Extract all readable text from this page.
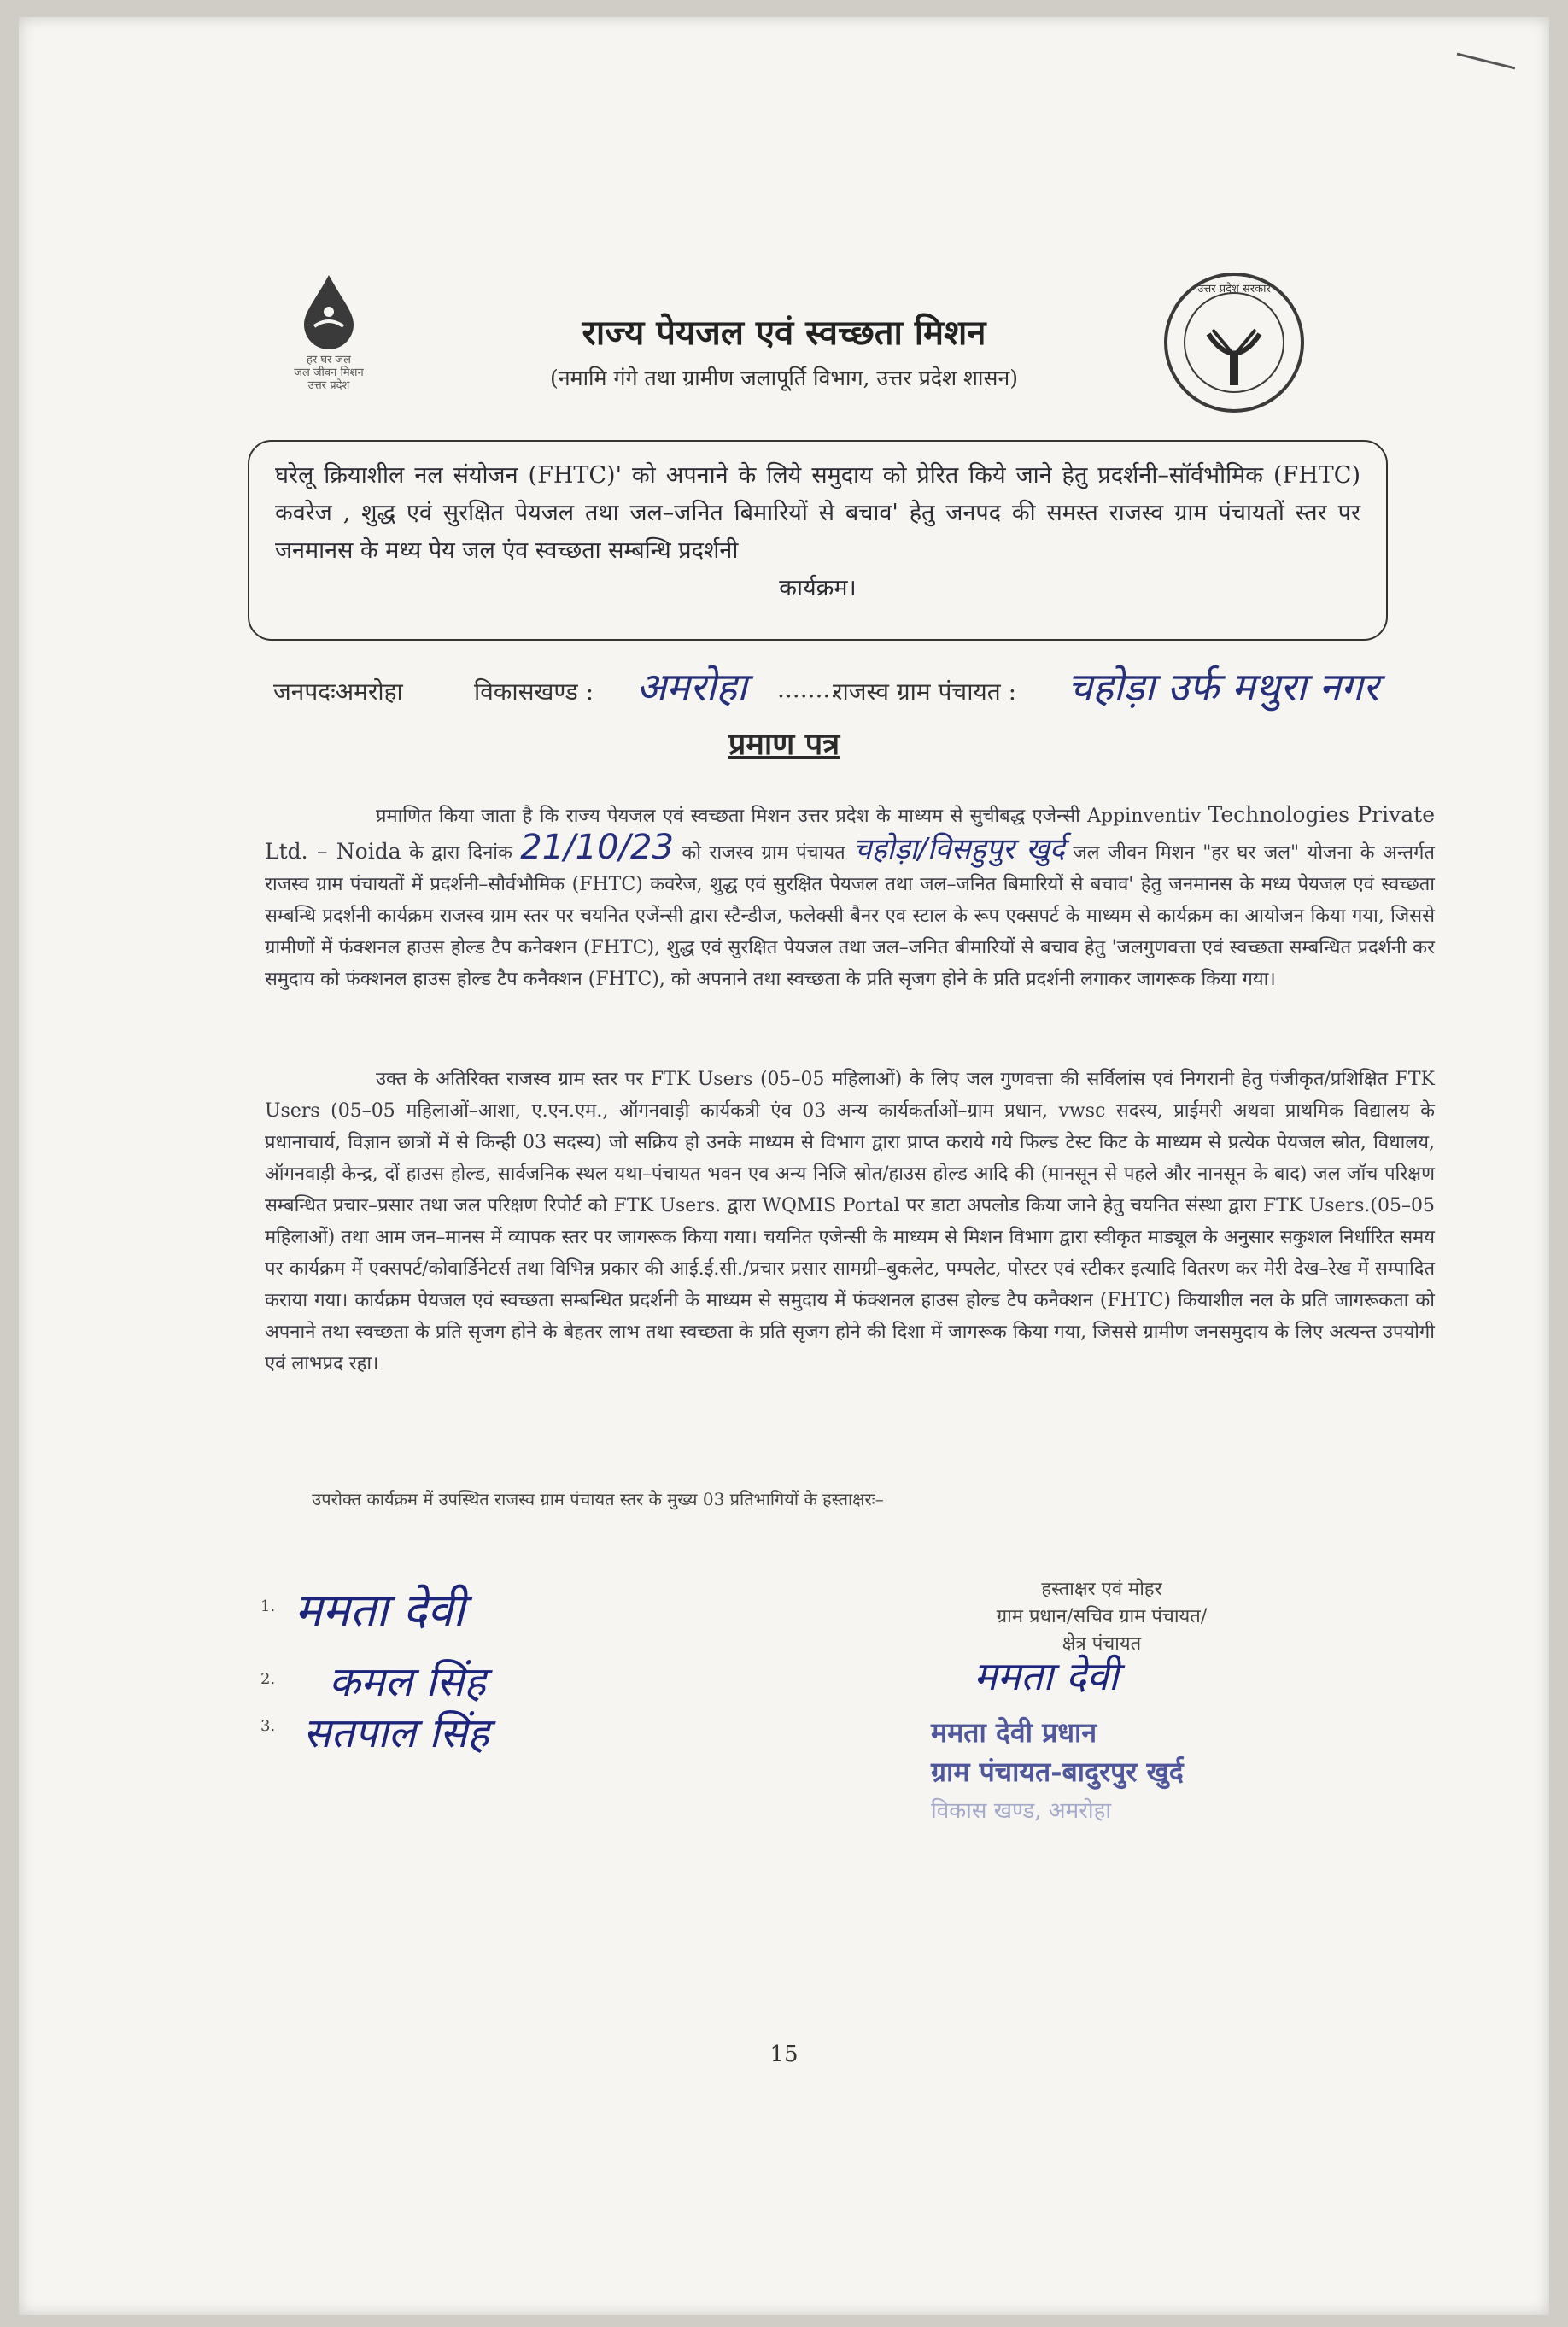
हर घर जल
जल जीवन मिशन
उत्तर प्रदेश
उत्तर प्रदेश सरकार
राज्य पेयजल एवं स्वच्छता मिशन
(नमामि गंगे तथा ग्रामीण जलापूर्ति विभाग, उत्तर प्रदेश शासन)
घरेलू क्रियाशील नल संयोजन (FHTC)' को अपनाने के लिये समुदाय को प्रेरित किये जाने हेतु प्रदर्शनी–सॉर्वभौमिक (FHTC) कवरेज , शुद्ध एवं सुरक्षित पेयजल तथा जल–जनित बिमारियों से बचाव' हेतु जनपद की समस्त राजस्व ग्राम पंचायतों स्तर पर जनमानस के मध्य पेय जल एंव स्वच्छता सम्बन्धि प्रदर्शनी
कार्यक्रम।
जनपदःअमरोहा	विकासखण्ड : अमरोहा ........
राजस्व ग्राम पंचायत : चहोड़ा उर्फ मथुरा नगर
प्रमाण पत्र
प्रमाणित किया जाता है कि राज्य पेयजल एवं स्वच्छता मिशन उत्तर प्रदेश के माध्यम से सुचीबद्ध एजेन्सी Appinventiv Technologies Private Ltd. – Noida के द्वारा दिनांक 21/10/23 को राजस्व ग्राम पंचायत चहोड़ा/विसहुपुर खुर्द जल जीवन मिशन "हर घर जल" योजना के अन्तर्गत राजस्व ग्राम पंचायतों में प्रदर्शनी–सौर्वभौमिक (FHTC) कवरेज, शुद्ध एवं सुरक्षित पेयजल तथा जल–जनित बिमारियों से बचाव' हेतु जनमानस के मध्य पेयजल एवं स्वच्छता सम्बन्धि प्रदर्शनी कार्यक्रम राजस्व ग्राम स्तर पर चयनित एजेंन्सी द्वारा स्टैन्डीज, फलेक्सी बैनर एव स्टाल के रूप एक्सपर्ट के माध्यम से कार्यक्रम का आयोजन किया गया, जिससे ग्रामीणों में फंक्शनल हाउस होल्ड टैप कनेक्शन (FHTC), शुद्ध एवं सुरक्षित पेयजल तथा जल–जनित बीमारियों से बचाव हेतु 'जलगुणवत्ता एवं स्वच्छता सम्बन्धित प्रदर्शनी कर समुदाय को फंक्शनल हाउस होल्ड टैप कनैक्शन (FHTC), को अपनाने तथा स्वच्छता के प्रति सृजग होने के प्रति प्रदर्शनी लगाकर जागरूक किया गया।
उक्त के अतिरिक्त राजस्व ग्राम स्तर पर FTK Users (05–05 महिलाओं) के लिए जल गुणवत्ता की सर्विलांस एवं निगरानी हेतु पंजीकृत/प्रशिक्षित FTK Users (05–05 महिलाओं–आशा, ए.एन.एम., ऑगनवाड़ी कार्यकत्री एंव 03 अन्य कार्यकर्ताओं–ग्राम प्रधान, vwsc सदस्य, प्राईमरी अथवा प्राथमिक विद्यालय के प्रधानाचार्य, विज्ञान छात्रों में से किन्ही 03 सदस्य) जो सक्रिय हो उनके माध्यम से विभाग द्वारा प्राप्त कराये गये फिल्ड टेस्ट किट के माध्यम से प्रत्येक पेयजल स्रोत, विधालय, ऑगनवाड़ी केन्द्र, दों हाउस होल्ड, सार्वजनिक स्थल यथा–पंचायत भवन एव अन्य निजि स्रोत/हाउस होल्ड आदि की (मानसून से पहले और नानसून के बाद) जल जॉच परिक्षण सम्बन्धित प्रचार–प्रसार तथा जल परिक्षण रिपोर्ट को FTK Users. द्वारा WQMIS Portal पर डाटा अपलोड किया जाने हेतु चयनित संस्था द्वारा FTK Users.(05–05 महिलाओं) तथा आम जन–मानस में व्यापक स्तर पर जागरूक किया गया। चयनित एजेन्सी के माध्यम से मिशन विभाग द्वारा स्वीकृत माड्यूल के अनुसार सकुशल निर्धारित समय पर कार्यक्रम में एक्सपर्ट/कोवार्डिनेटर्स तथा विभिन्न प्रकार की आई.ई.सी./प्रचार प्रसार सामग्री–बुकलेट, पम्पलेट, पोस्टर एवं स्टीकर इत्यादि वितरण कर मेरी देख–रेख में सम्पादित कराया गया। कार्यक्रम पेयजल एवं स्वच्छता सम्बन्धित प्रदर्शनी के माध्यम से समुदाय में फंक्शनल हाउस होल्ड टैप कनैक्शन (FHTC) कियाशील नल के प्रति जागरूकता को अपनाने तथा स्वच्छता के प्रति सृजग होने के बेहतर लाभ तथा स्वच्छता के प्रति सृजग होने की दिशा में जागरूक किया गया, जिससे ग्रामीण जनसमुदाय के लिए अत्यन्त उपयोगी एवं लाभप्रद रहा।
उपरोक्त कार्यक्रम में उपस्थित राजस्व ग्राम पंचायत स्तर के मुख्य 03 प्रतिभागियों के हस्ताक्षरः–
1. ममता देवी
2. कमल सिंह
3. सतपाल सिंह
हस्ताक्षर एवं मोहर
ग्राम प्रधान/सचिव ग्राम पंचायत/
क्षेत्र पंचायत
ममता देवी
ममता देवी प्रधान
ग्राम पंचायत-बादुरपुर खुर्द
विकास खण्ड, अमरोहा
15
